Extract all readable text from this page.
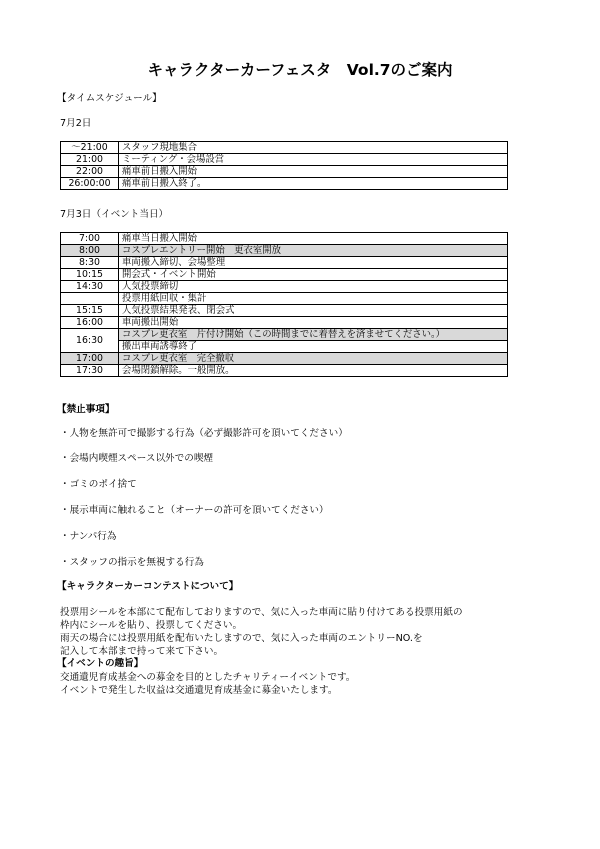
キャラクターカーフェスタ　Vol.7のご案内
【タイムスケジュール】
7月2日
～21:00	スタッフ現地集合
21:00	ミーティング・会場設営
22:00	痛車前日搬入開始
26:00:00	痛車前日搬入終了。
7月3日（イベント当日）
7:00	痛車当日搬入開始
8:00	コスプレエントリー開始　更衣室開放
8:30	車両搬入締切、会場整理
10:15	開会式・イベント開始
14:30	人気投票締切
	投票用紙回収・集計
15:15	人気投票結果発表、閉会式
16:00	車両搬出開始
16:30	コスプレ更衣室　片付け開始（この時間までに着替えを済ませてください。）
	搬出車両誘導終了
17:00	コスプレ更衣室　完全撤収
17:30	会場閉鎖解除。一般開放。
【禁止事項】
・人物を無許可で撮影する行為（必ず撮影許可を頂いてください）
・会場内喫煙スペース以外での喫煙
・ゴミのポイ捨て
・展示車両に触れること（オーナーの許可を頂いてください）
・ナンパ行為
・スタッフの指示を無視する行為
【キャラクターカーコンテストについて】
投票用シールを本部にて配布しておりますので、気に入った車両に貼り付けてある投票用紙の
枠内にシールを貼り、投票してください。
雨天の場合には投票用紙を配布いたしますので、気に入った車両のエントリーNO.を
記入して本部まで持って来て下さい。
【イベントの趣旨】
交通遺児育成基金への募金を目的としたチャリティーイベントです。
イベントで発生した収益は交通遺児育成基金に募金いたします。
